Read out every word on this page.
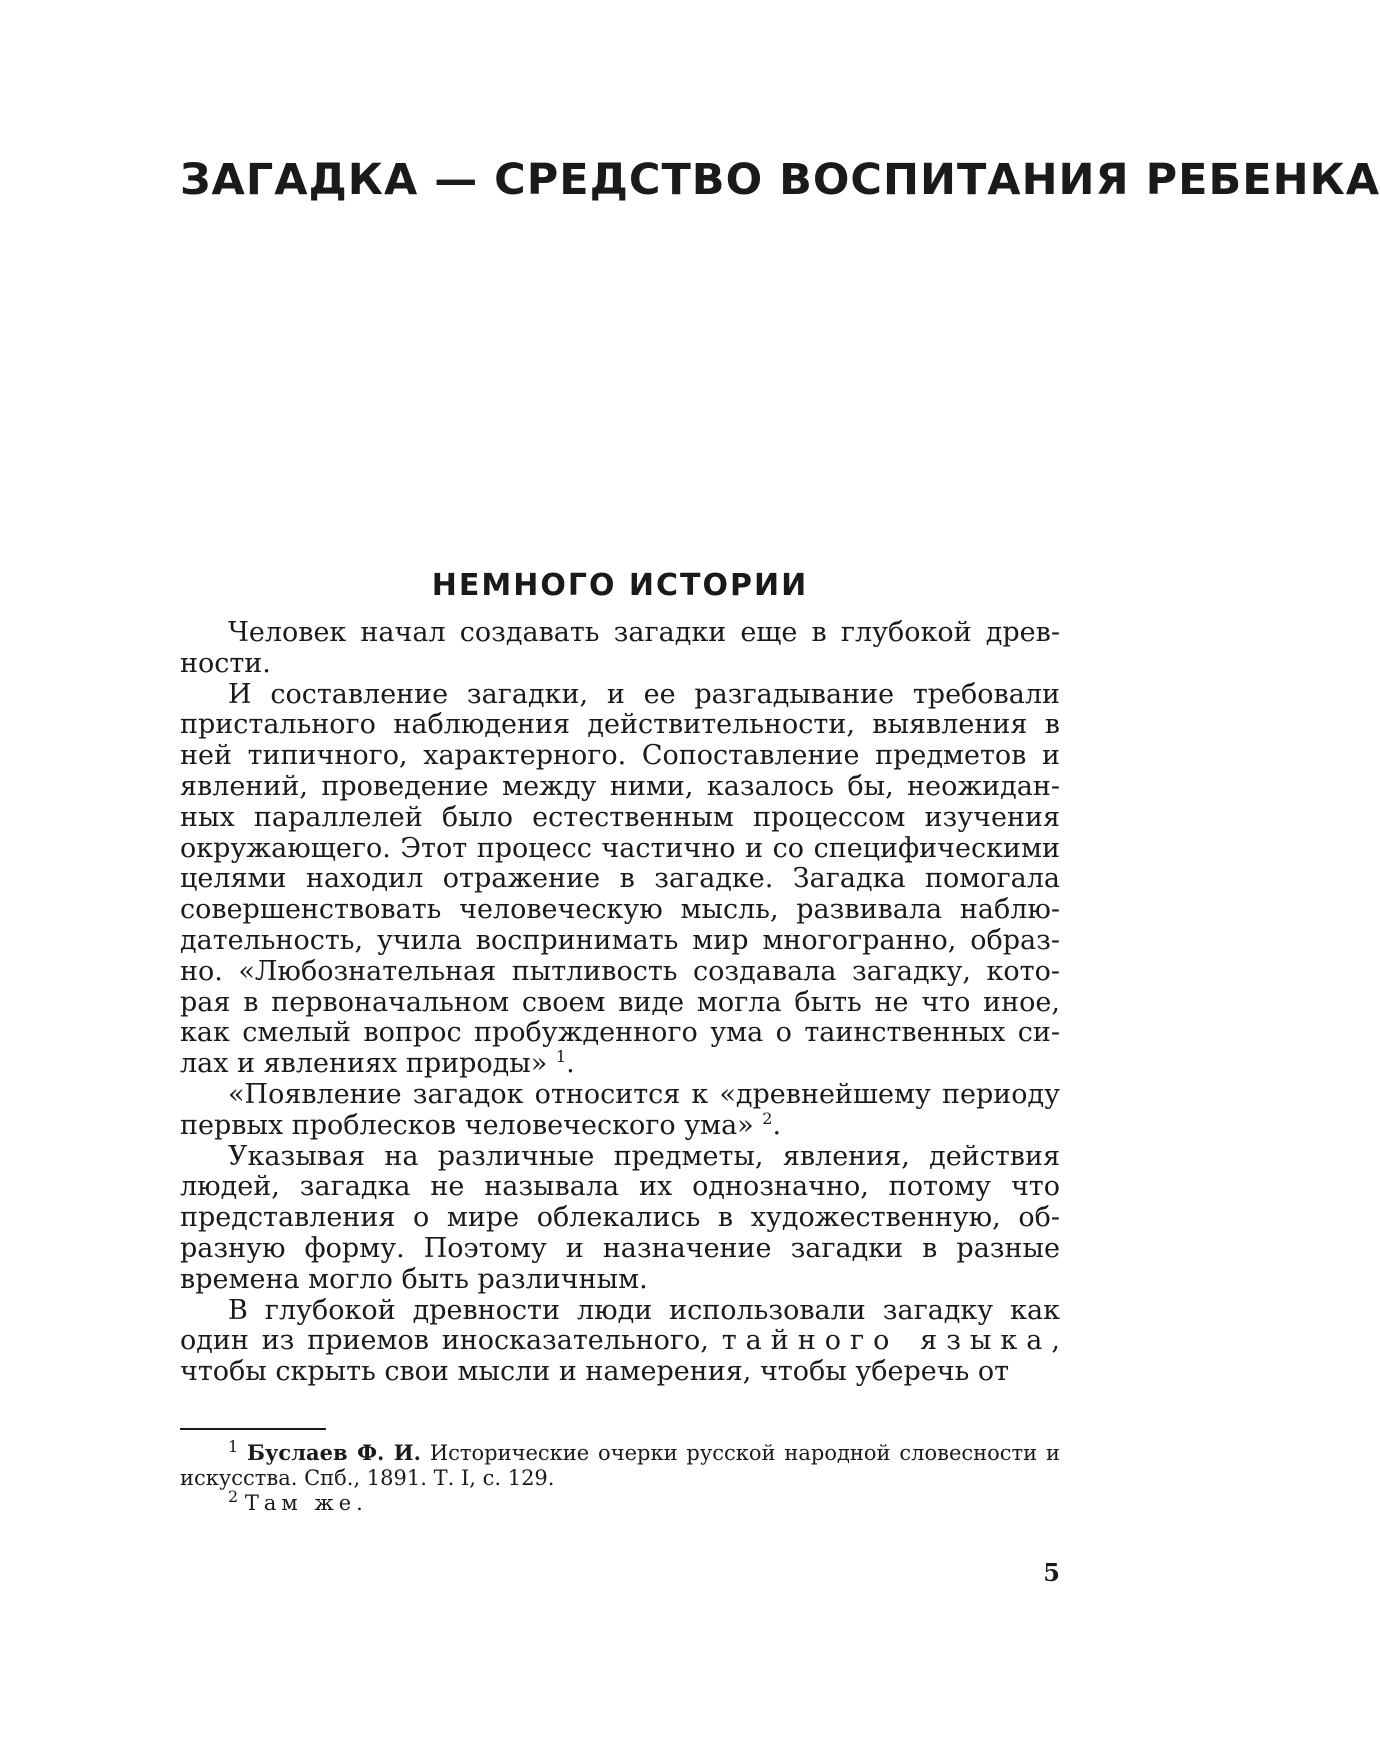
ЗАГАДКА — СРЕДСТВО ВОСПИТАНИЯ РЕБЕНКА
НЕМНОГО ИСТОРИИ

Человек начал создавать загадки еще в глубокой древности.

И составление загадки, и ее разгадывание требовали пристального наблюдения действительности, выявления в ней типичного, характерного. Сопоставление предметов и явлений, проведение между ними, казалось бы, неожиданных параллелей было естественным процессом изучения окружающего. Этот процесс частично и со специфическими целями находил отражение в загадке. Загадка помогала совершенствовать человеческую мысль, развивала наблюдательность, учила воспринимать мир многогранно, образно. «Любознательная пытливость создавала загадку, которая в первоначальном своем виде могла быть не что иное, как смелый вопрос пробужденного ума о таинственных силах и явлениях природы» $^1$.

«Появление загадок относится к «древнейшему периоду первых проблесков человеческого ума» $^2$.

Указывая на различные предметы, явления, действия людей, загадка не называла их однозначно, потому что представления о мире облекались в художественную, образную форму. Поэтому и назначение загадки в разные времена могло быть различным.

В глубокой древности люди использовали загадку как один из приемов иносказательного, тайного языка, чтобы скрыть свои мысли и намерения, чтобы уберечь от

$^1$ Буслаев Ф. И. Исторические очерки русской народной словесности и искусства. Спб., 1891. Т. І, с. 129.

$^2$ Там же.

5
